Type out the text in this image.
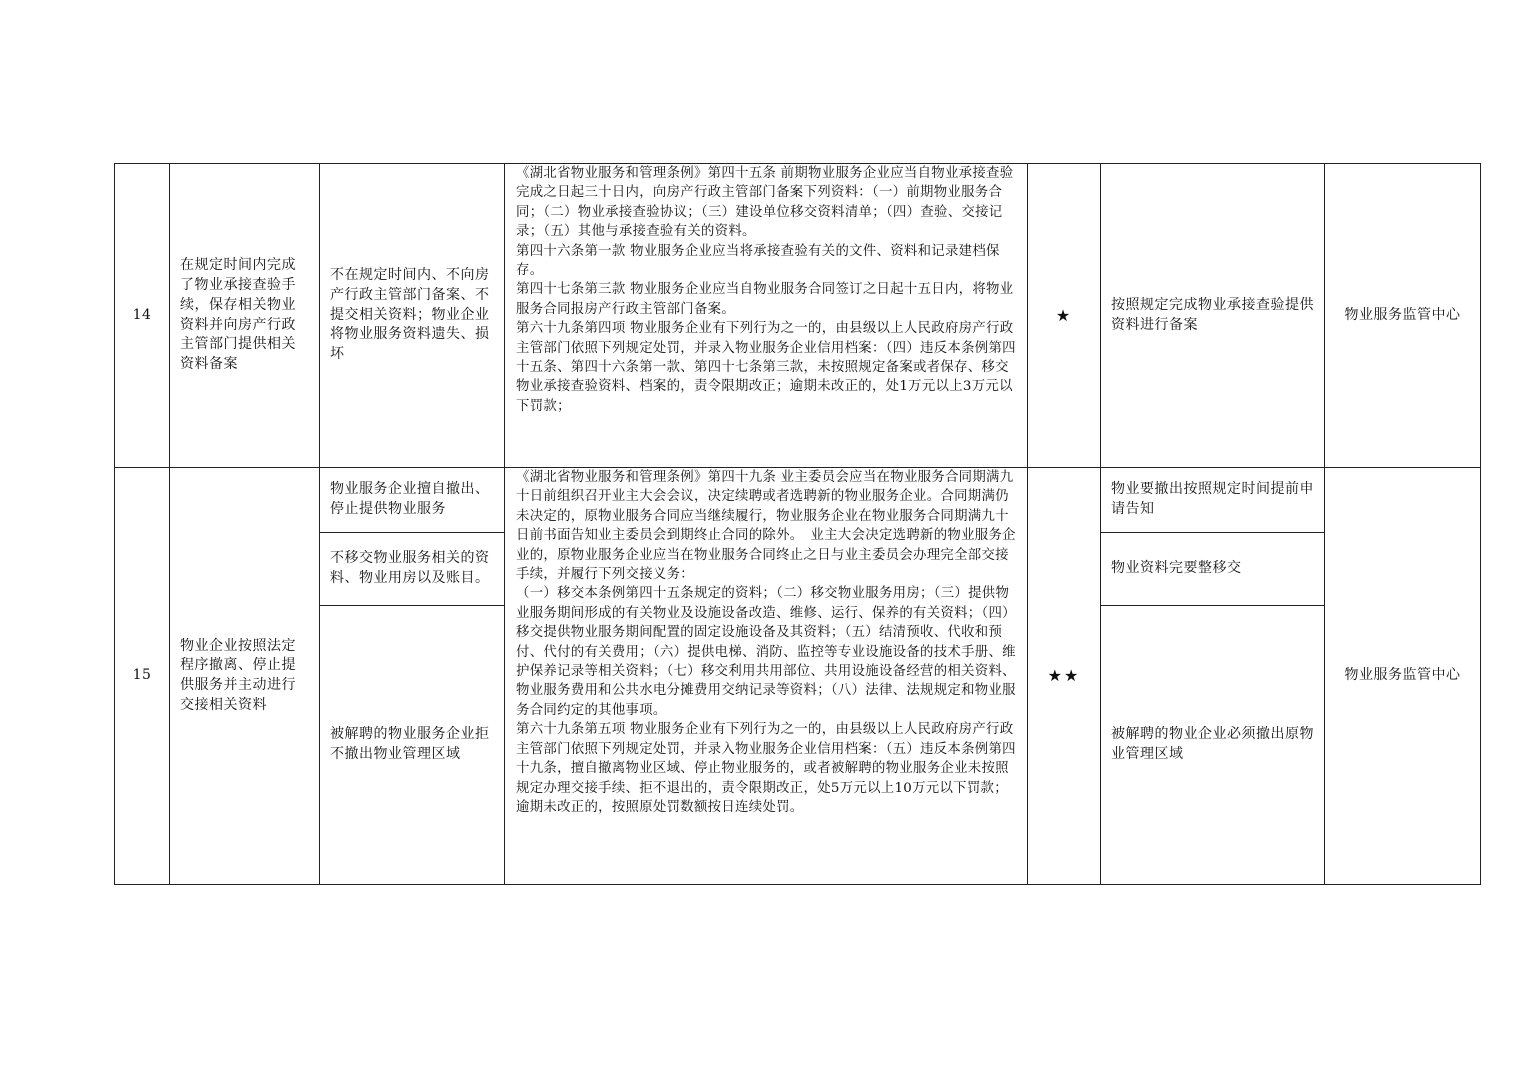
14	在规定时间内完成了物业承接查验手续，保存相关物业资料并向房产行政主管部门提供相关资料备案	不在规定时间内、不向房产行政主管部门备案、不提交相关资料；物业企业将物业服务资料遗失、损坏	《湖北省物业服务和管理条例》第四十五条 前期物业服务企业应当自物业承接查验完成之日起三十日内，向房产行政主管部门备案下列资料：（一）前期物业服务合同；（二）物业承接查验协议；（三）建设单位移交资料清单；（四）查验、交接记录；（五）其他与承接查验有关的资料。

第四十六条第一款 物业服务企业应当将承接查验有关的文件、资料和记录建档保存。

第四十七条第三款 物业服务企业应当自物业服务合同签订之日起十五日内，将物业服务合同报房产行政主管部门备案。

第六十九条第四项 物业服务企业有下列行为之一的，由县级以上人民政府房产行政主管部门依照下列规定处罚，并录入物业服务企业信用档案：（四）违反本条例第四十五条、第四十六条第一款、第四十七条第三款，未按照规定备案或者保存、移交物业承接查验资料、档案的，责令限期改正；逾期未改正的，处1万元以上3万元以下罚款；	★	按照规定完成物业承接查验提供资料进行备案	物业服务监管中心
15	物业企业按照法定程序撤离、停止提供服务并主动进行交接相关资料	物业服务企业擅自撤出、停止提供物业服务	《湖北省物业服务和管理条例》第四十九条 业主委员会应当在物业服务合同期满九十日前组织召开业主大会会议，决定续聘或者选聘新的物业服务企业。合同期满仍未决定的，原物业服务合同应当继续履行，物业服务企业在物业服务合同期满九十日前书面告知业主委员会到期终止合同的除外。　业主大会决定选聘新的物业服务企业的，原物业服务企业应当在物业服务合同终止之日与业主委员会办理完全部交接手续，并履行下列交接义务：

（一）移交本条例第四十五条规定的资料；（二）移交物业服务用房；（三）提供物业服务期间形成的有关物业及设施设备改造、维修、运行、保养的有关资料；（四）移交提供物业服务期间配置的固定设施设备及其资料；（五）结清预收、代收和预付、代付的有关费用；（六）提供电梯、消防、监控等专业设施设备的技术手册、维护保养记录等相关资料；（七）移交利用共用部位、共用设施设备经营的相关资料、物业服务费用和公共水电分摊费用交纳记录等资料；（八）法律、法规规定和物业服务合同约定的其他事项。

第六十九条第五项 物业服务企业有下列行为之一的，由县级以上人民政府房产行政主管部门依照下列规定处罚，并录入物业服务企业信用档案：（五）违反本条例第四十九条，擅自撤离物业区域、停止物业服务的，或者被解聘的物业服务企业未按照规定办理交接手续、拒不退出的，责令限期改正，处5万元以上10万元以下罚款；逾期未改正的，按照原处罚数额按日连续处罚。	★★	物业要撤出按照规定时间提前申请告知	物业服务监管中心
		不移交物业服务相关的资料、物业用房以及账目。			物业资料完要整移交	
		被解聘的物业服务企业拒不撤出物业管理区域			被解聘的物业企业必须撤出原物业管理区域	
